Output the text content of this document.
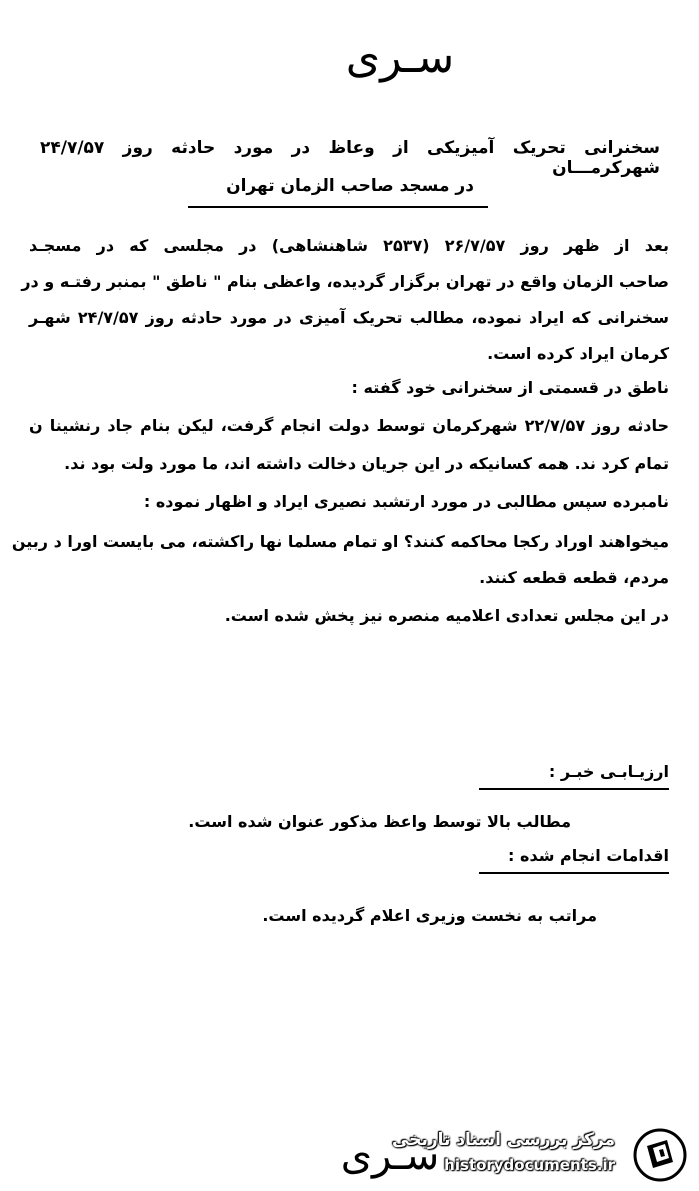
سـری
سخنرانی تحریک آمیزیکی از وعاظ در مورد حادثه روز ۲۴/۷/۵۷ شهرکرمـــان
در مسجد صاحب الزمان تهران
بعد از ظهر روز ۲۶/۷/۵۷ (۲۵۳۷ شاهنشاهی) در مجلسی که در مسجـد
صاحب الزمان واقع در تهران برگزار گردیده، واعظی بنام " ناطق " بمنبر رفتـه و در
سخنرانی که ایراد نموده، مطالب تحریک آمیزی در مورد حادثه روز ۲۴/۷/۵۷ شهـر
کرمان ایراد کرده است.
ناطق در قسمتی از سخنرانی خود گفته :
حادثه روز ۲۲/۷/۵۷ شهرکرمان توسط دولت انجام گرفت، لیکن بنام جاد رنشینا ن
تمام کرد ند. همه کسانیکه در این جریان دخالت داشته اند، ما مورد ولت بود ند.
نامبرده سپس مطالبی در مورد ارتشبد نصیری ایراد و اظهار نموده :
میخواهند اوراد رکجا محاکمه کنند؟ او تمام مسلما نها راکشته، می بایست اورا د ربین
مردم، قطعه قطعه کنند.
در این مجلس تعدادی اعلامیه منصره نیز پخش شده است.
ارزیـابـی خبـر :
مطالب بالا توسط واعظ مذکور عنوان شده است.
اقدامات انجام شده :
مراتب به نخست وزیری اعلام گردیده است.
سـری
مرکز بررسی اسناد تاریخی
historydocuments.ir
